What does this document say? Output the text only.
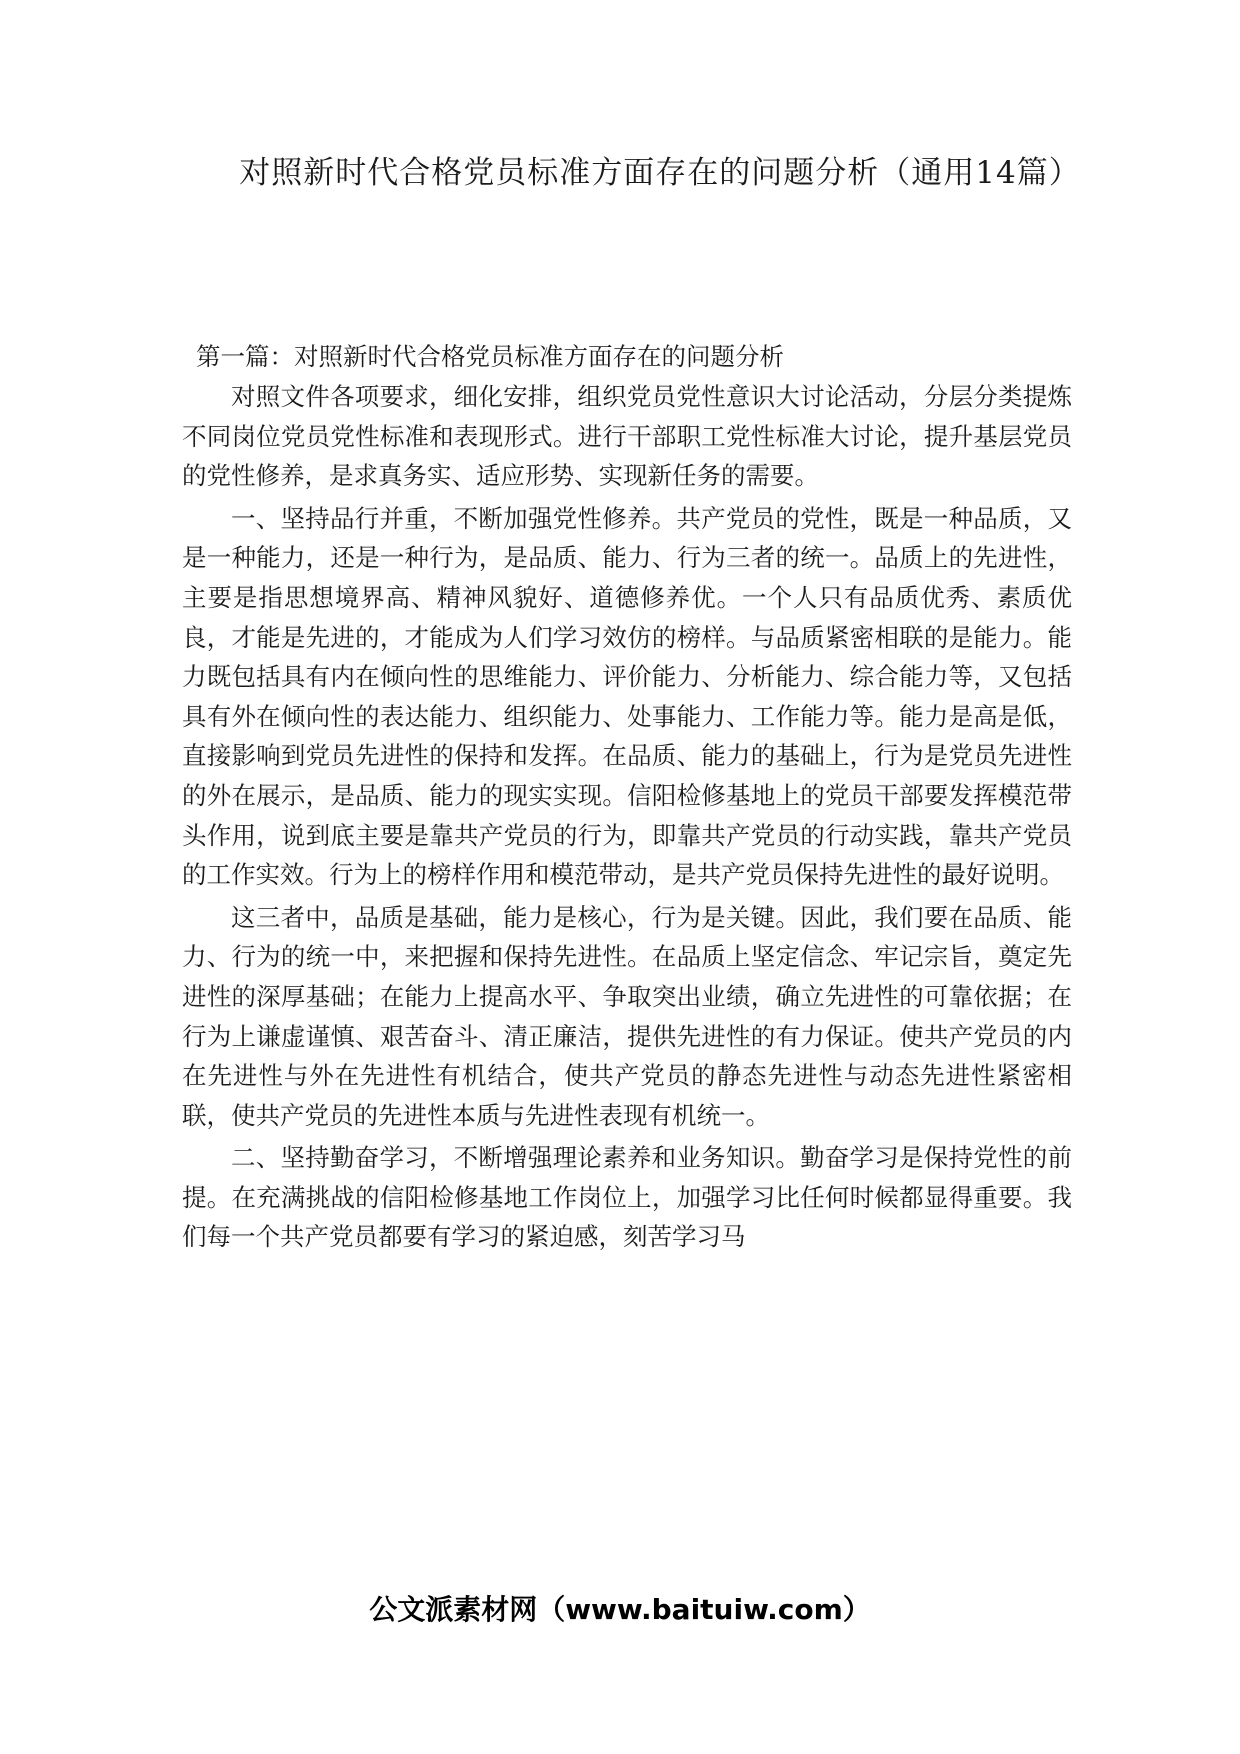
对照新时代合格党员标准方面存在的问题分析（通用14篇）

第一篇：对照新时代合格党员标准方面存在的问题分析

对照文件各项要求，细化安排，组织党员党性意识大讨论活动，分层分类提炼不同岗位党员党性标准和表现形式。进行干部职工党性标准大讨论，提升基层党员的党性修养，是求真务实、适应形势、实现新任务的需要。

一、坚持品行并重，不断加强党性修养。共产党员的党性，既是一种品质，又是一种能力，还是一种行为，是品质、能力、行为三者的统一。品质上的先进性，主要是指思想境界高、精神风貌好、道德修养优。一个人只有品质优秀、素质优良，才能是先进的，才能成为人们学习效仿的榜样。与品质紧密相联的是能力。能力既包括具有内在倾向性的思维能力、评价能力、分析能力、综合能力等，又包括具有外在倾向性的表达能力、组织能力、处事能力、工作能力等。能力是高是低，直接影响到党员先进性的保持和发挥。在品质、能力的基础上，行为是党员先进性的外在展示，是品质、能力的现实实现。信阳检修基地上的党员干部要发挥模范带头作用，说到底主要是靠共产党员的行为，即靠共产党员的行动实践，靠共产党员的工作实效。行为上的榜样作用和模范带动，是共产党员保持先进性的最好说明。

这三者中，品质是基础，能力是核心，行为是关键。因此，我们要在品质、能力、行为的统一中，来把握和保持先进性。在品质上坚定信念、牢记宗旨，奠定先进性的深厚基础；在能力上提高水平、争取突出业绩，确立先进性的可靠依据；在行为上谦虚谨慎、艰苦奋斗、清正廉洁，提供先进性的有力保证。使共产党员的内在先进性与外在先进性有机结合，使共产党员的静态先进性与动态先进性紧密相联，使共产党员的先进性本质与先进性表现有机统一。

二、坚持勤奋学习，不断增强理论素养和业务知识。勤奋学习是保持党性的前提。在充满挑战的信阳检修基地工作岗位上，加强学习比任何时候都显得重要。我们每一个共产党员都要有学习的紧迫感，刻苦学习马

公文派素材网（www.baituiw.com）
